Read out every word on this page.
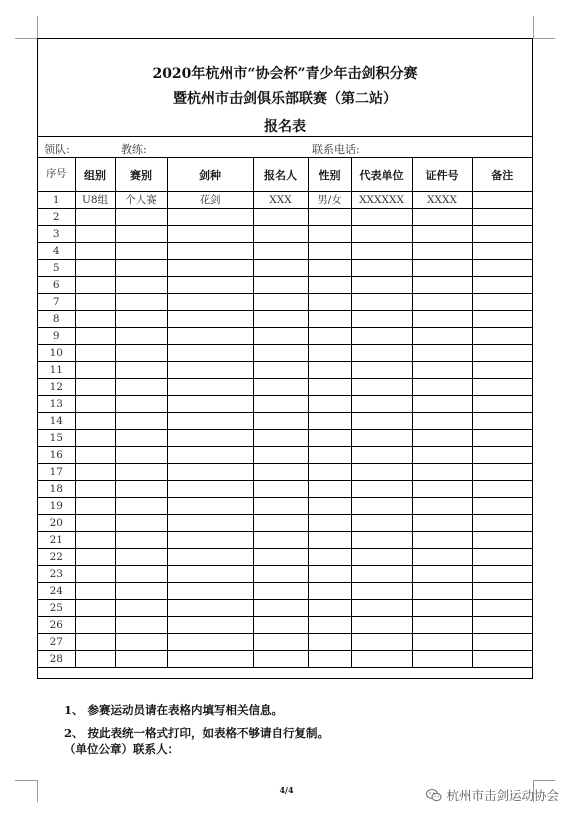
2020年杭州市“协会杯”青少年击剑积分赛
暨杭州市击剑俱乐部联赛（第二站）
报名表
领队:	教练:	联系电话:
序号	组别	赛别	剑种	报名人	性别	代表单位	证件号	备注
1	U8组	个人赛	花剑	XXX	男/女	XXXXXX	XXXX	
2								
3								
4								
5								
6								
7								
8								
9								
10								
11								
12								
13								
14								
15								
16								
17								
18								
19								
20								
21								
22								
23								
24								
25								
26								
27								
28								
1、 参赛运动员请在表格内填写相关信息。
2、 按此表统一格式打印，如表格不够请自行复制。
（单位公章）联系人：
4/4	杭州市击剑运动协会
